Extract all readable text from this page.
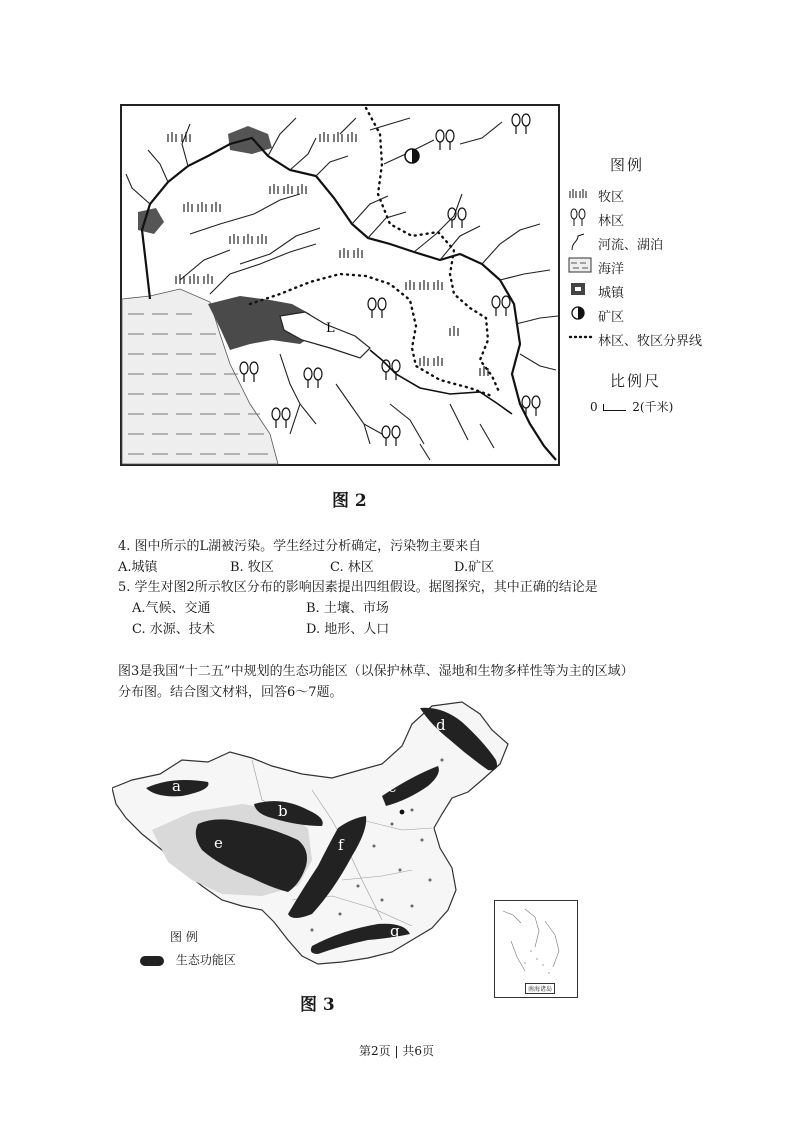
L
图例
牧区
林区
河流、湖泊
海洋
城镇
矿区
林区、牧区分界线
比例尺
0	2(千米)
图 2
4. 图中所示的L湖被污染。学生经过分析确定，污染物主要来自
A.城镇	B. 牧区	C. 林区	D.矿区
5. 学生对图2所示牧区分布的影响因素提出四组假设。据图探究，其中正确的结论是
A.气候、交通	B. 土壤、市场
C. 水源、技术	D. 地形、人口
图3是我国“十二五”中规划的生态功能区（以保护林草、湿地和生物多样性等为主的区域）
分布图。结合图文材料，回答6～7题。
a
b
c
d
e	f
g
图 例
生态功能区
南海诸岛
图 3
第2页 | 共6页
